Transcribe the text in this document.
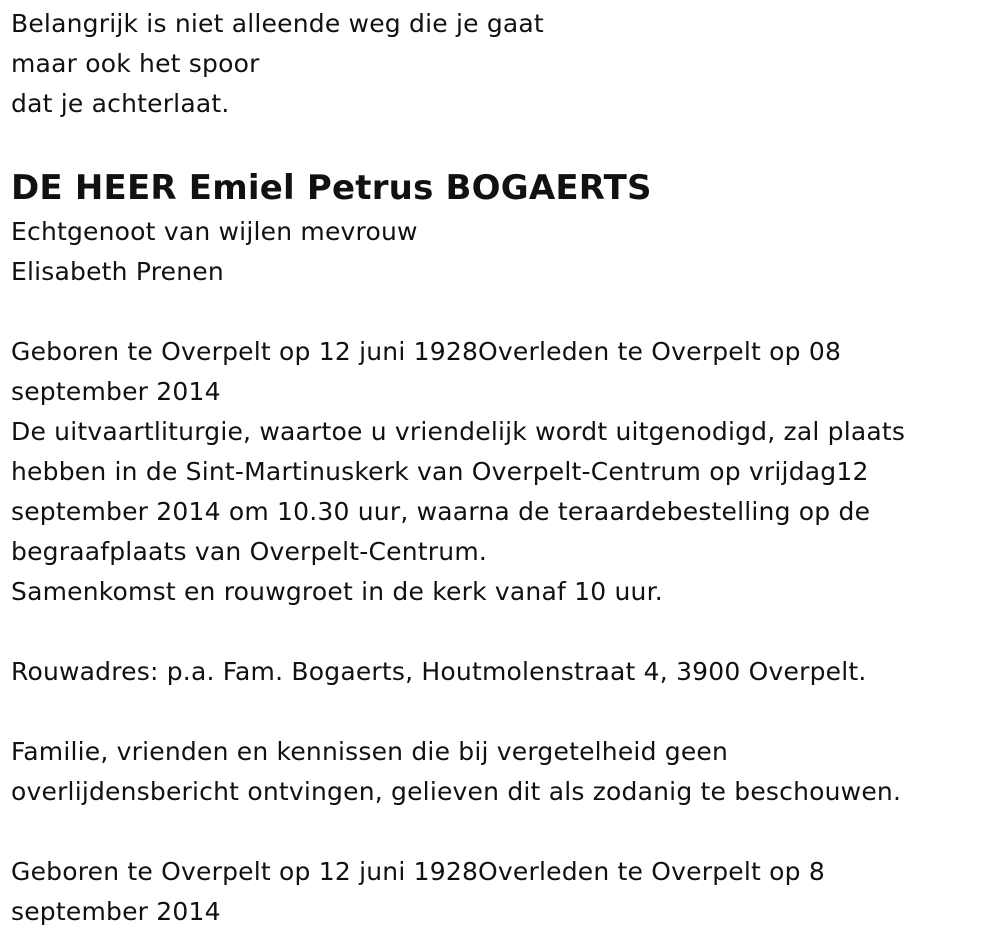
Belangrijk is niet alleende weg die je gaat

maar ook het spoor

dat je achterlaat.

DE HEER Emiel Petrus BOGAERTS

Echtgenoot van wijlen mevrouw

Elisabeth Prenen

Geboren te Overpelt op 12 juni 1928Overleden te Overpelt op 08

september 2014

De uitvaartliturgie, waartoe u vriendelijk wordt uitgenodigd, zal plaats

hebben in de Sint-Martinuskerk van Overpelt-Centrum op vrijdag12

september 2014 om 10.30 uur, waarna de teraardebestelling op de

begraafplaats van Overpelt-Centrum.

Samenkomst en rouwgroet in de kerk vanaf 10 uur.

Rouwadres: p.a. Fam. Bogaerts, Houtmolenstraat 4, 3900 Overpelt.

Familie, vrienden en kennissen die bij vergetelheid geen

overlijdensbericht ontvingen, gelieven dit als zodanig te beschouwen.

Geboren te Overpelt op 12 juni 1928Overleden te Overpelt op 8

september 2014
